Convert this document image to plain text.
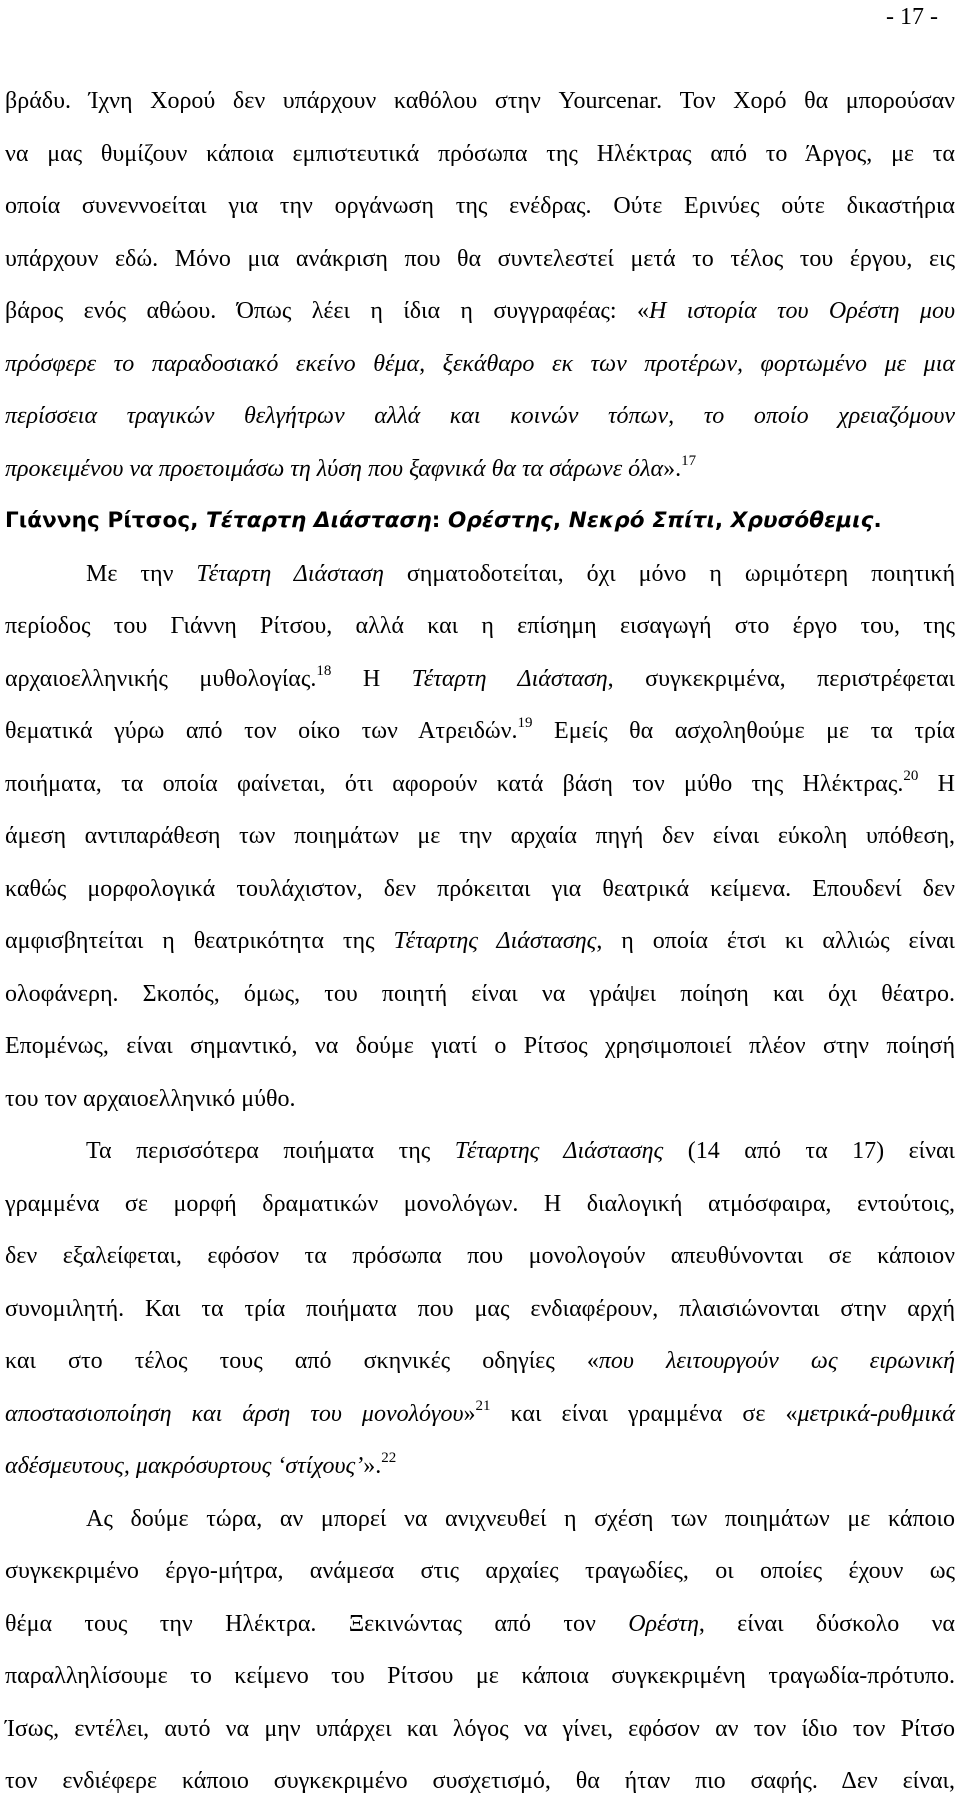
- 17 -
βράδυ. Ίχνη Χορού δεν υπάρχουν καθόλου στην Yourcenar. Τον Χορό θα μπορούσαν
να μας θυμίζουν κάποια εμπιστευτικά πρόσωπα της Ηλέκτρας από το Άργος, με τα
οποία συνεννοείται για την οργάνωση της ενέδρας. Ούτε Ερινύες ούτε δικαστήρια
υπάρχουν εδώ. Μόνο μια ανάκριση που θα συντελεστεί μετά το τέλος του έργου, εις
βάρος ενός αθώου. Όπως λέει η ίδια η συγγραφέας: «Η ιστορία του Ορέστη μου
πρόσφερε το παραδοσιακό εκείνο θέμα, ξεκάθαρο εκ των προτέρων, φορτωμένο με μια
περίσσεια τραγικών θελγήτρων αλλά και κοινών τόπων, το οποίο χρειαζόμουν
προκειμένου να προετοιμάσω τη λύση που ξαφνικά θα τα σάρωνε όλα».$^{17}$
Γιάννης Ρίτσος, Τέταρτη Διάσταση: Ορέστης, Νεκρό Σπίτι, Χρυσόθεμις.
Με την Τέταρτη Διάσταση σηματοδοτείται, όχι μόνο η ωριμότερη ποιητική
περίοδος του Γιάννη Ρίτσου, αλλά και η επίσημη εισαγωγή στο έργο του, της
αρχαιοελληνικής μυθολογίας.$^{18}$ Η Τέταρτη Διάσταση, συγκεκριμένα, περιστρέφεται
θεματικά γύρω από τον οίκο των Ατρειδών.$^{19}$ Εμείς θα ασχοληθούμε με τα τρία
ποιήματα, τα οποία φαίνεται, ότι αφορούν κατά βάση τον μύθο της Ηλέκτρας.$^{20}$ Η
άμεση αντιπαράθεση των ποιημάτων με την αρχαία πηγή δεν είναι εύκολη υπόθεση,
καθώς μορφολογικά τουλάχιστον, δεν πρόκειται για θεατρικά κείμενα. Επουδενί δεν
αμφισβητείται η θεατρικότητα της Τέταρτης Διάστασης, η οποία έτσι κι αλλιώς είναι
ολοφάνερη. Σκοπός, όμως, του ποιητή είναι να γράψει ποίηση και όχι θέατρο.
Επομένως, είναι σημαντικό, να δούμε γιατί ο Ρίτσος χρησιμοποιεί πλέον στην ποίησή
του τον αρχαιοελληνικό μύθο.
Τα περισσότερα ποιήματα της Τέταρτης Διάστασης (14 από τα 17) είναι
γραμμένα σε μορφή δραματικών μονολόγων. Η διαλογική ατμόσφαιρα, εντούτοις,
δεν εξαλείφεται, εφόσον τα πρόσωπα που μονολογούν απευθύνονται σε κάποιον
συνομιλητή. Και τα τρία ποιήματα που μας ενδιαφέρουν, πλαισιώνονται στην αρχή
και στο τέλος τους από σκηνικές οδηγίες «που λειτουργούν ως ειρωνική
αποστασιοποίηση και άρση του μονολόγου»$^{21}$ και είναι γραμμένα σε «μετρικά-ρυθμικά
αδέσμευτους, μακρόσυρτους ‘στίχους’».$^{22}$
Ας δούμε τώρα, αν μπορεί να ανιχνευθεί η σχέση των ποιημάτων με κάποιο
συγκεκριμένο έργο-μήτρα, ανάμεσα στις αρχαίες τραγωδίες, οι οποίες έχουν ως
θέμα τους την Ηλέκτρα. Ξεκινώντας από τον Ορέστη, είναι δύσκολο να
παραλληλίσουμε το κείμενο του Ρίτσου με κάποια συγκεκριμένη τραγωδία-πρότυπο.
Ίσως, εντέλει, αυτό να μην υπάρχει και λόγος να γίνει, εφόσον αν τον ίδιο τον Ρίτσο
τον ενδιέφερε κάποιο συγκεκριμένο συσχετισμό, θα ήταν πιο σαφής. Δεν είναι,
